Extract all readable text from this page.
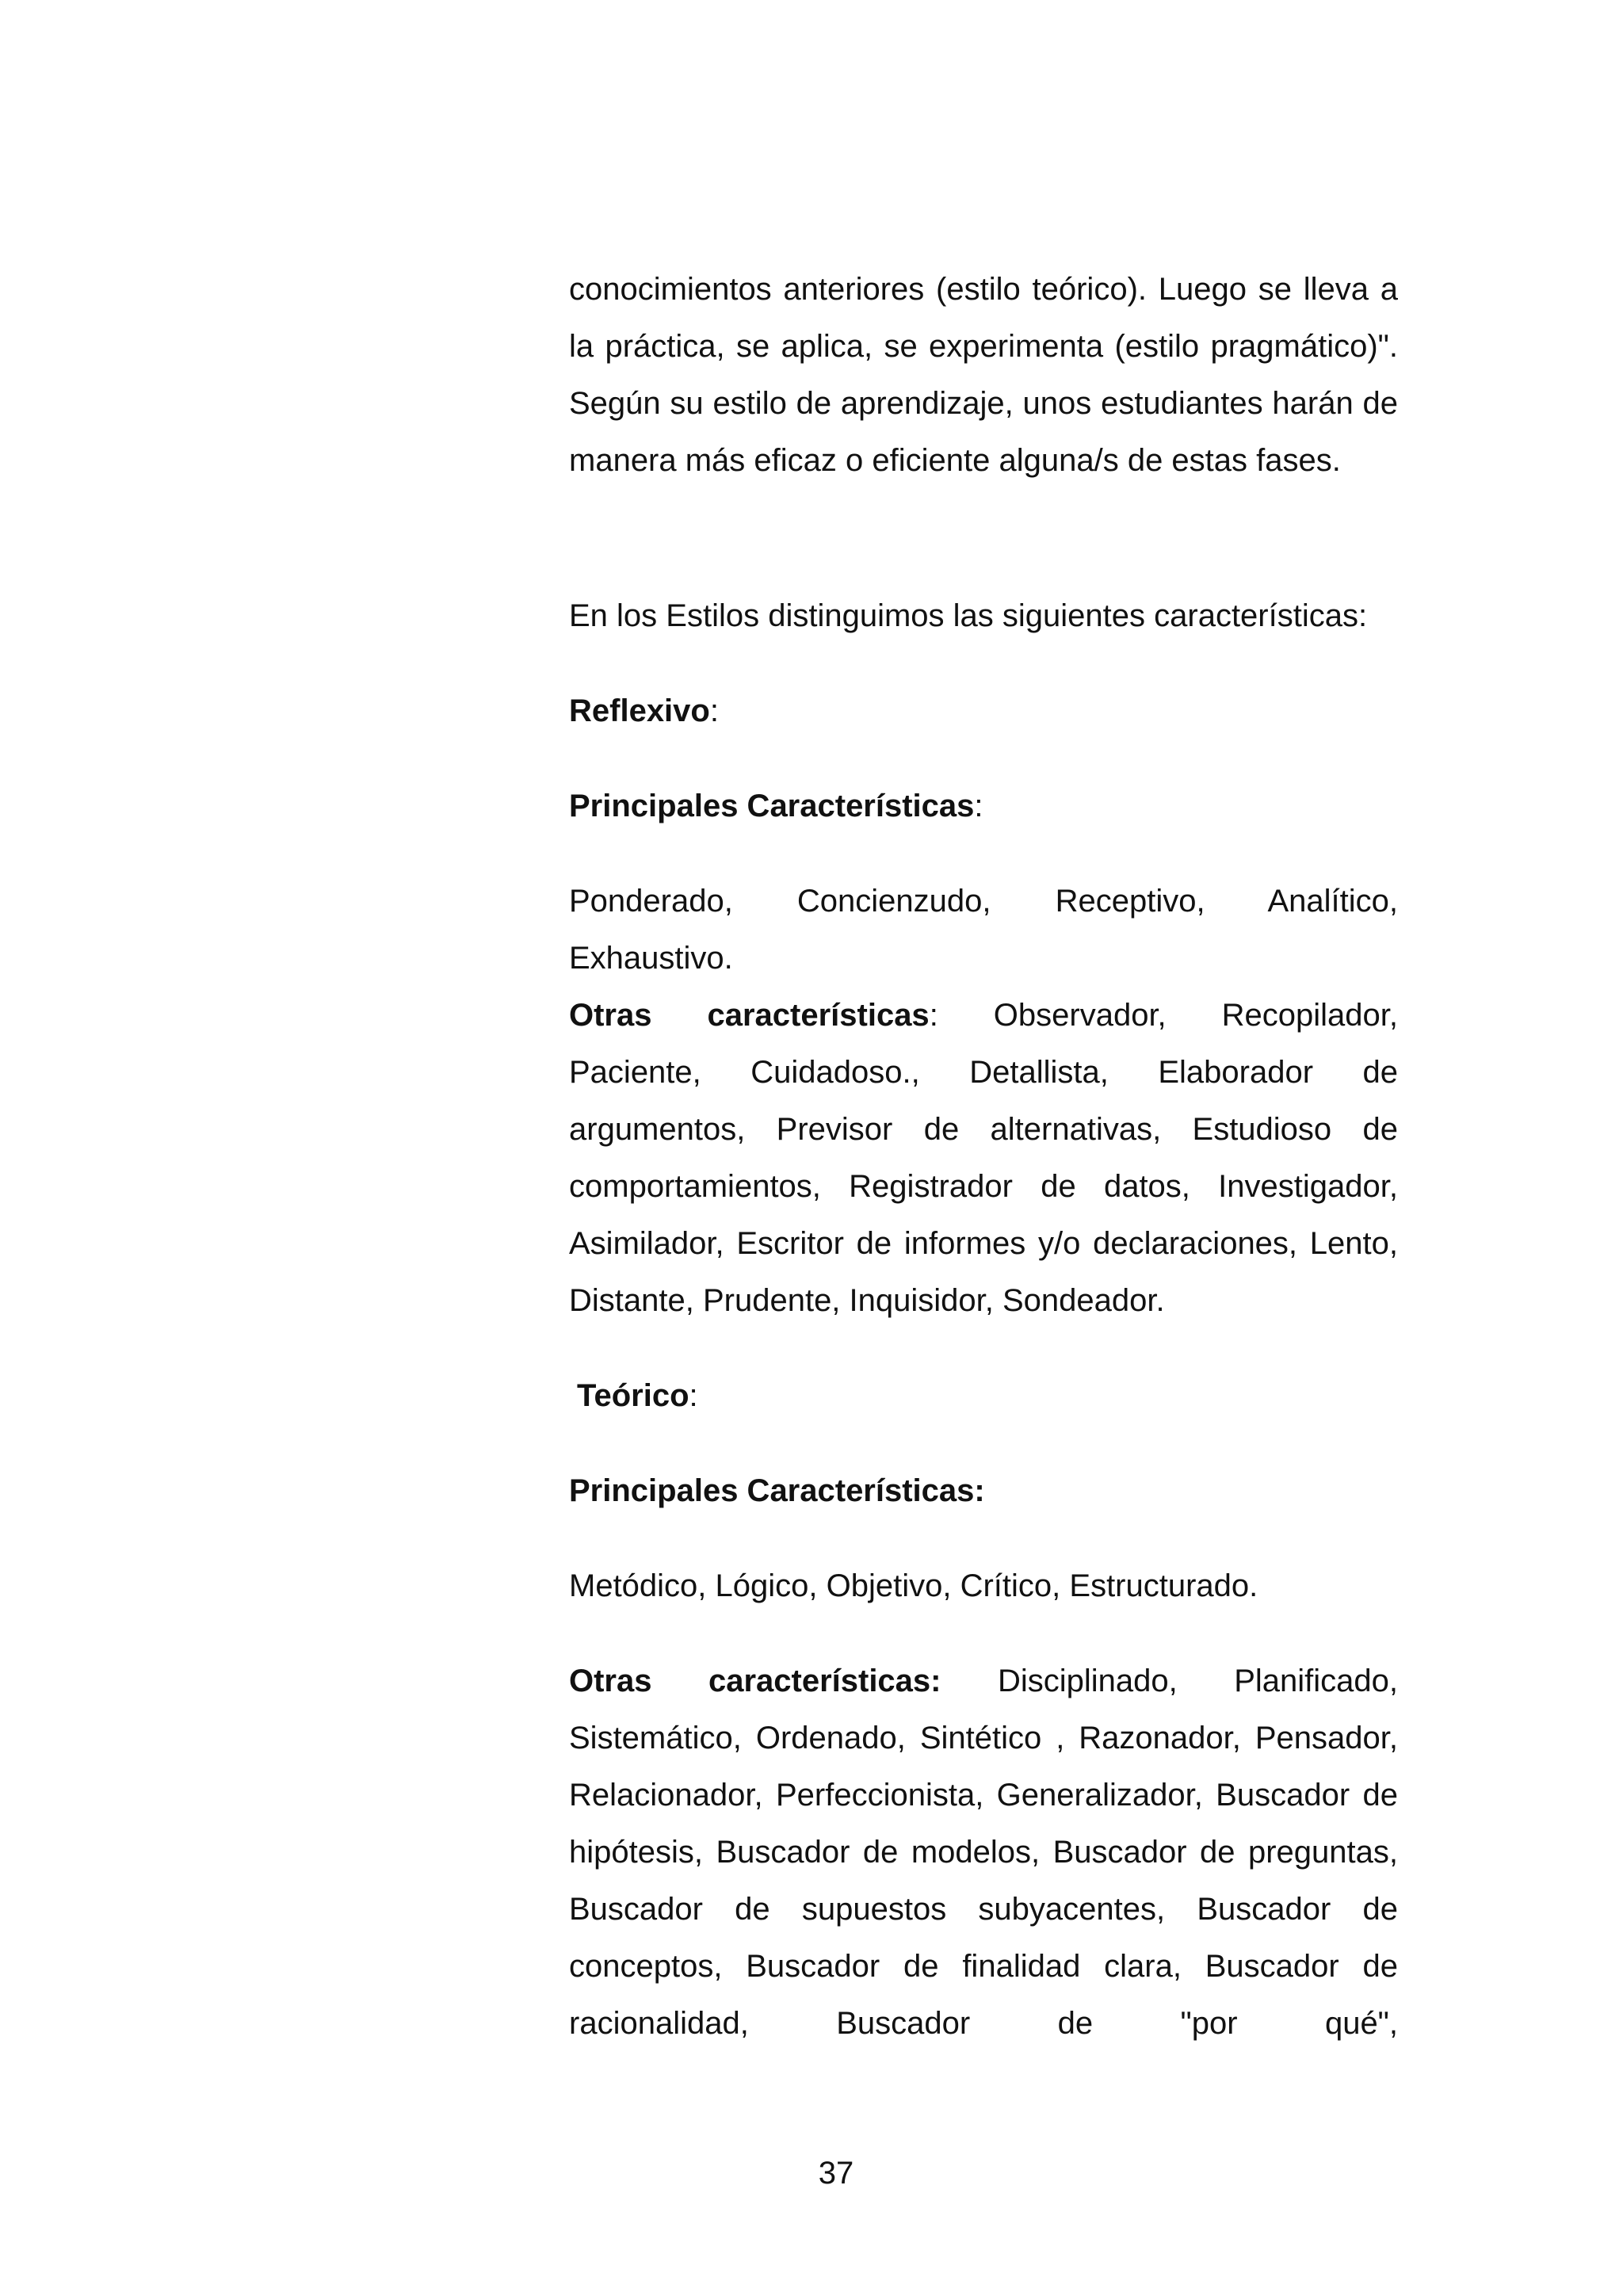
conocimientos anteriores (estilo teórico). Luego se lleva a la práctica, se aplica, se experimenta (estilo pragmático)". Según su estilo de aprendizaje, unos estudiantes harán de manera más eficaz o eficiente alguna/s de estas fases.

En los Estilos distinguimos las siguientes características:

Reflexivo:

Principales Características:

Ponderado, Concienzudo, Receptivo, Analítico,

Exhaustivo.

Otras características: Observador, Recopilador, Paciente, Cuidadoso., Detallista, Elaborador de argumentos, Previsor de alternativas, Estudioso de comportamientos, Registrador de datos, Investigador, Asimilador, Escritor de informes y/o declaraciones, Lento, Distante, Prudente, Inquisidor, Sondeador.

Teórico:

Principales Características:

Metódico, Lógico, Objetivo, Crítico, Estructurado.

Otras características: Disciplinado, Planificado, Sistemático, Ordenado, Sintético , Razonador, Pensador, Relacionador, Perfeccionista, Generalizador, Buscador de hipótesis, Buscador de modelos, Buscador de preguntas, Buscador de supuestos subyacentes, Buscador de conceptos, Buscador de finalidad clara, Buscador de racionalidad, Buscador de "por qué",

37
